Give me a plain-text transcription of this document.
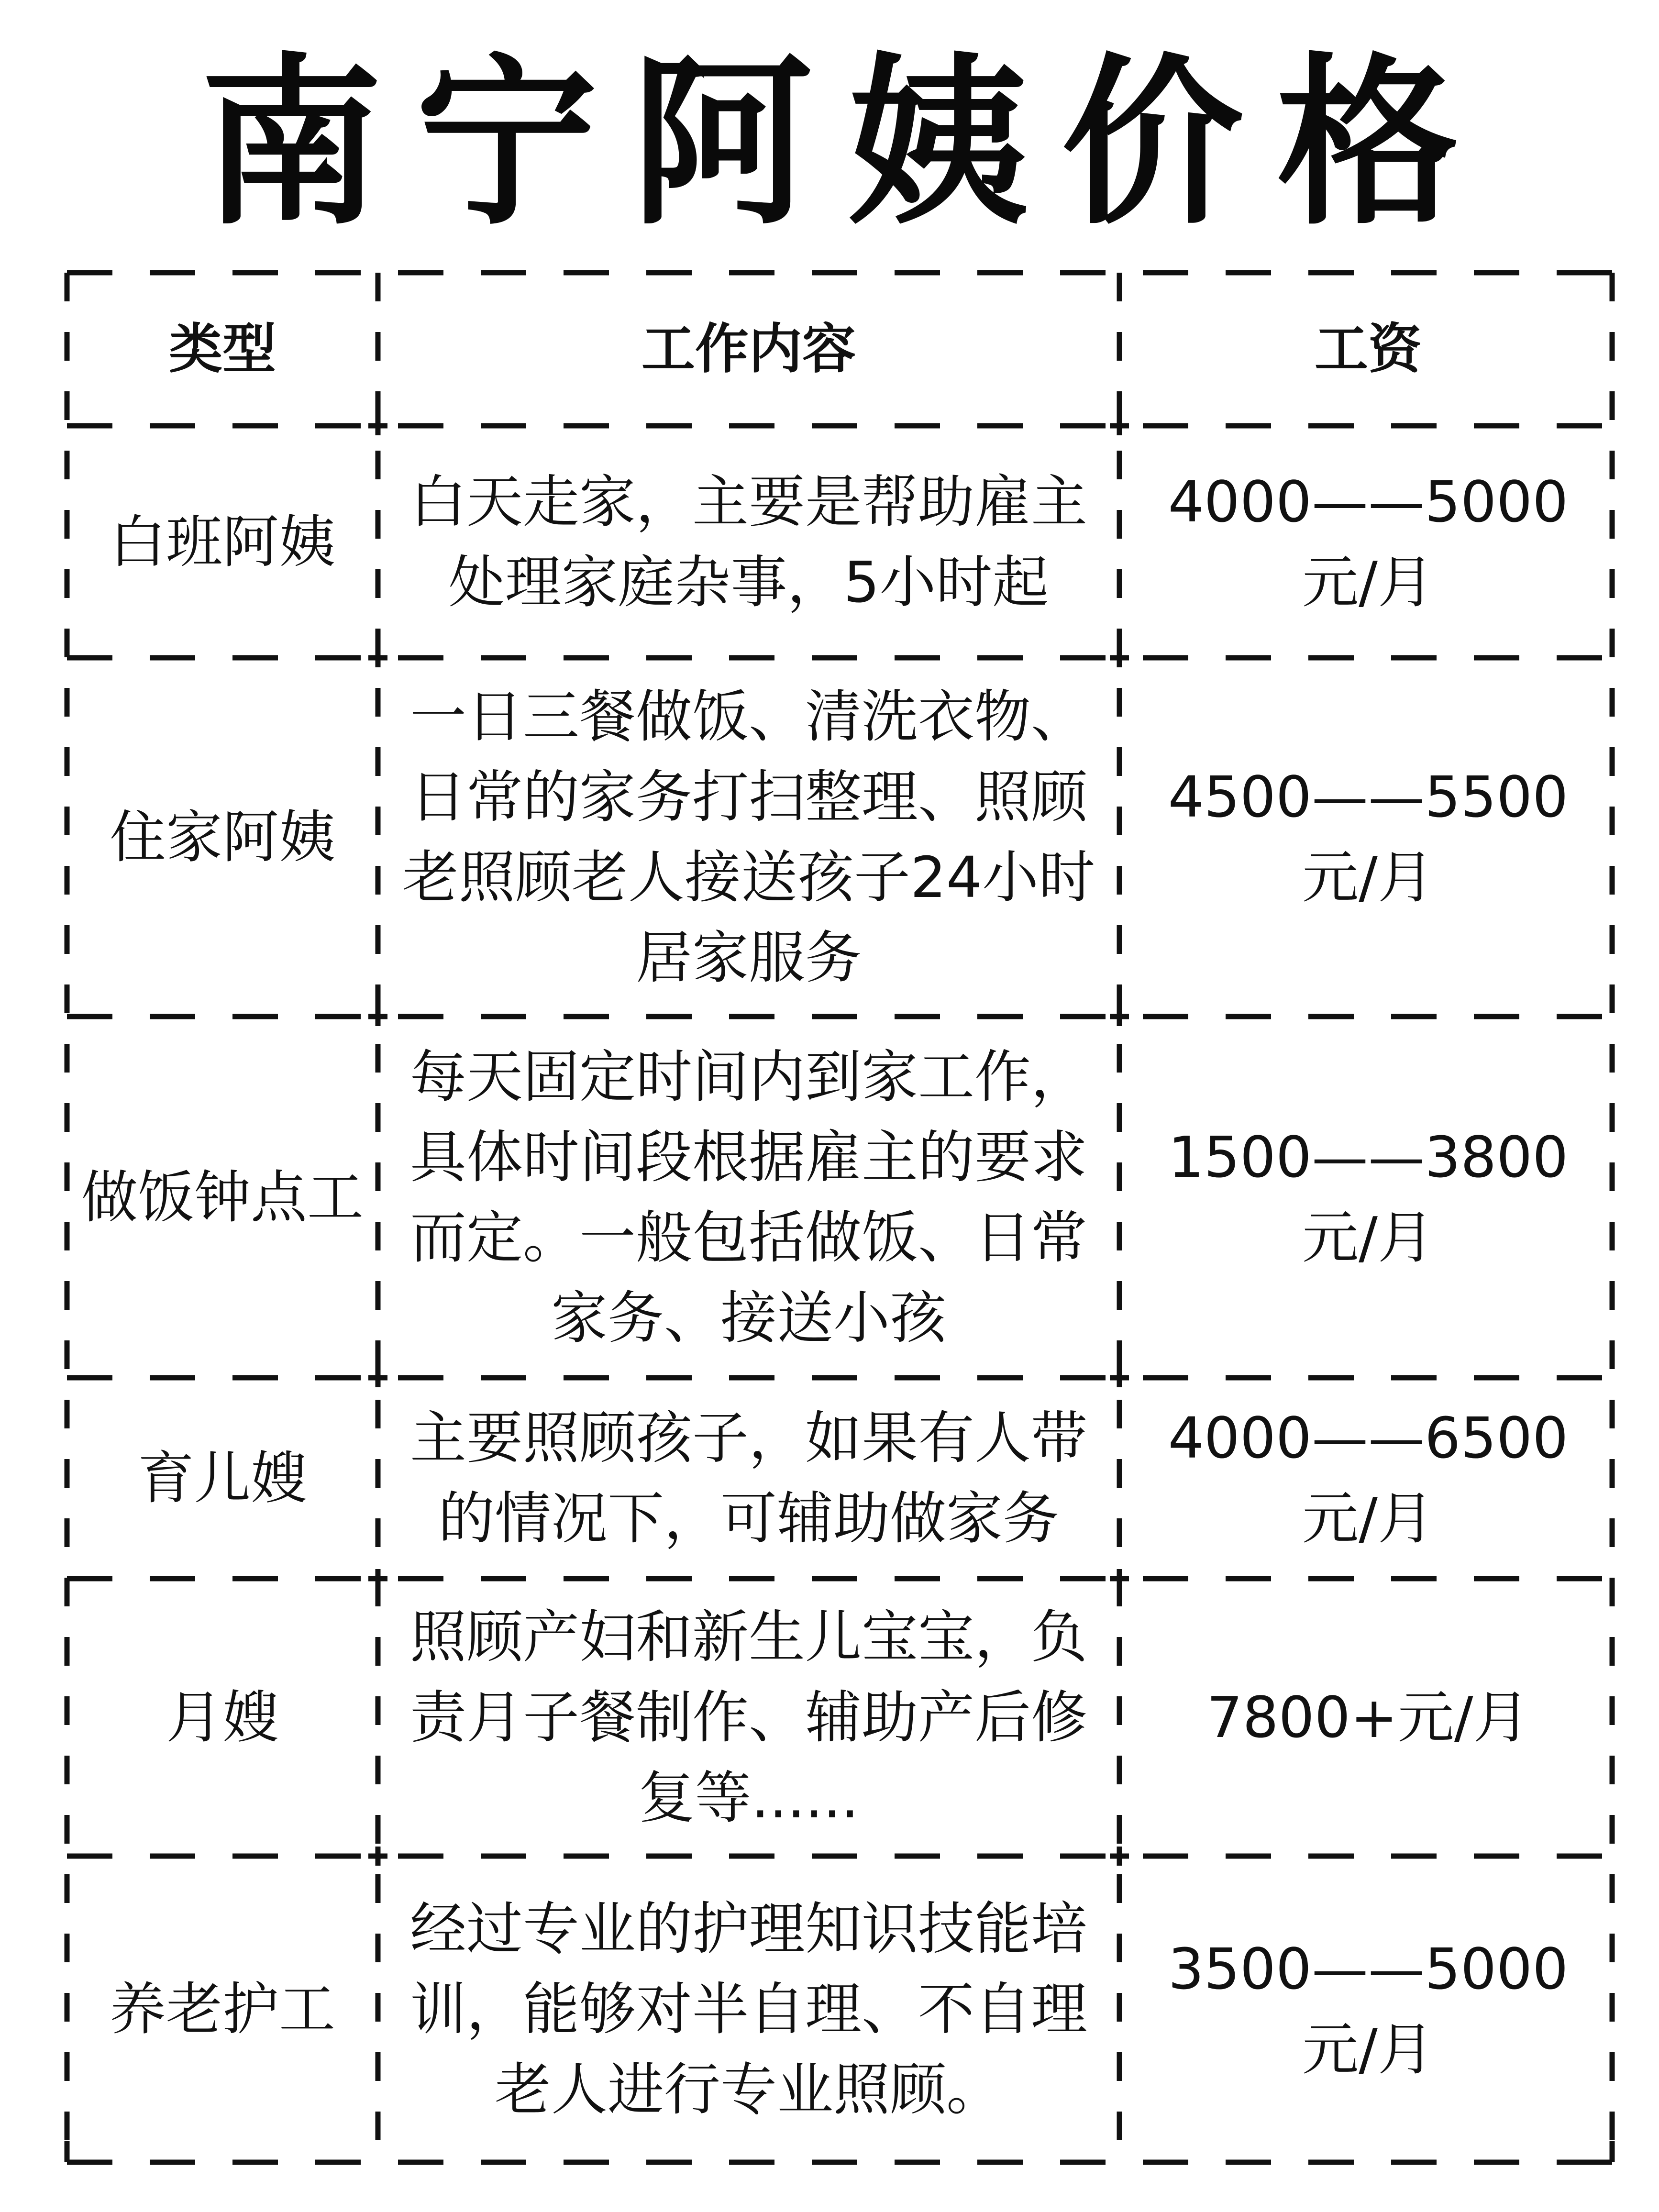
南宁阿姨价格
类型	工作内容	工资
白班阿姨
白天走家，主要是帮助雇主处理家庭杂事，5小时起
4000——5000元/月
住家阿姨
一日三餐做饭、清洗衣物、日常的家务打扫整理、照顾老照顾老人接送孩子24小时居家服务
4500——5500元/月
做饭钟点工
每天固定时间内到家工作，具体时间段根据雇主的要求而定。一般包括做饭、日常家务、接送小孩
1500——3800元/月
育儿嫂
主要照顾孩子，如果有人带的情况下，可辅助做家务
4000——6500元/月
月嫂
照顾产妇和新生儿宝宝，负责月子餐制作、辅助产后修复等......
7800+元/月
养老护工
经过专业的护理知识技能培训，能够对半自理、不自理老人进行专业照顾。
3500——5000元/月
